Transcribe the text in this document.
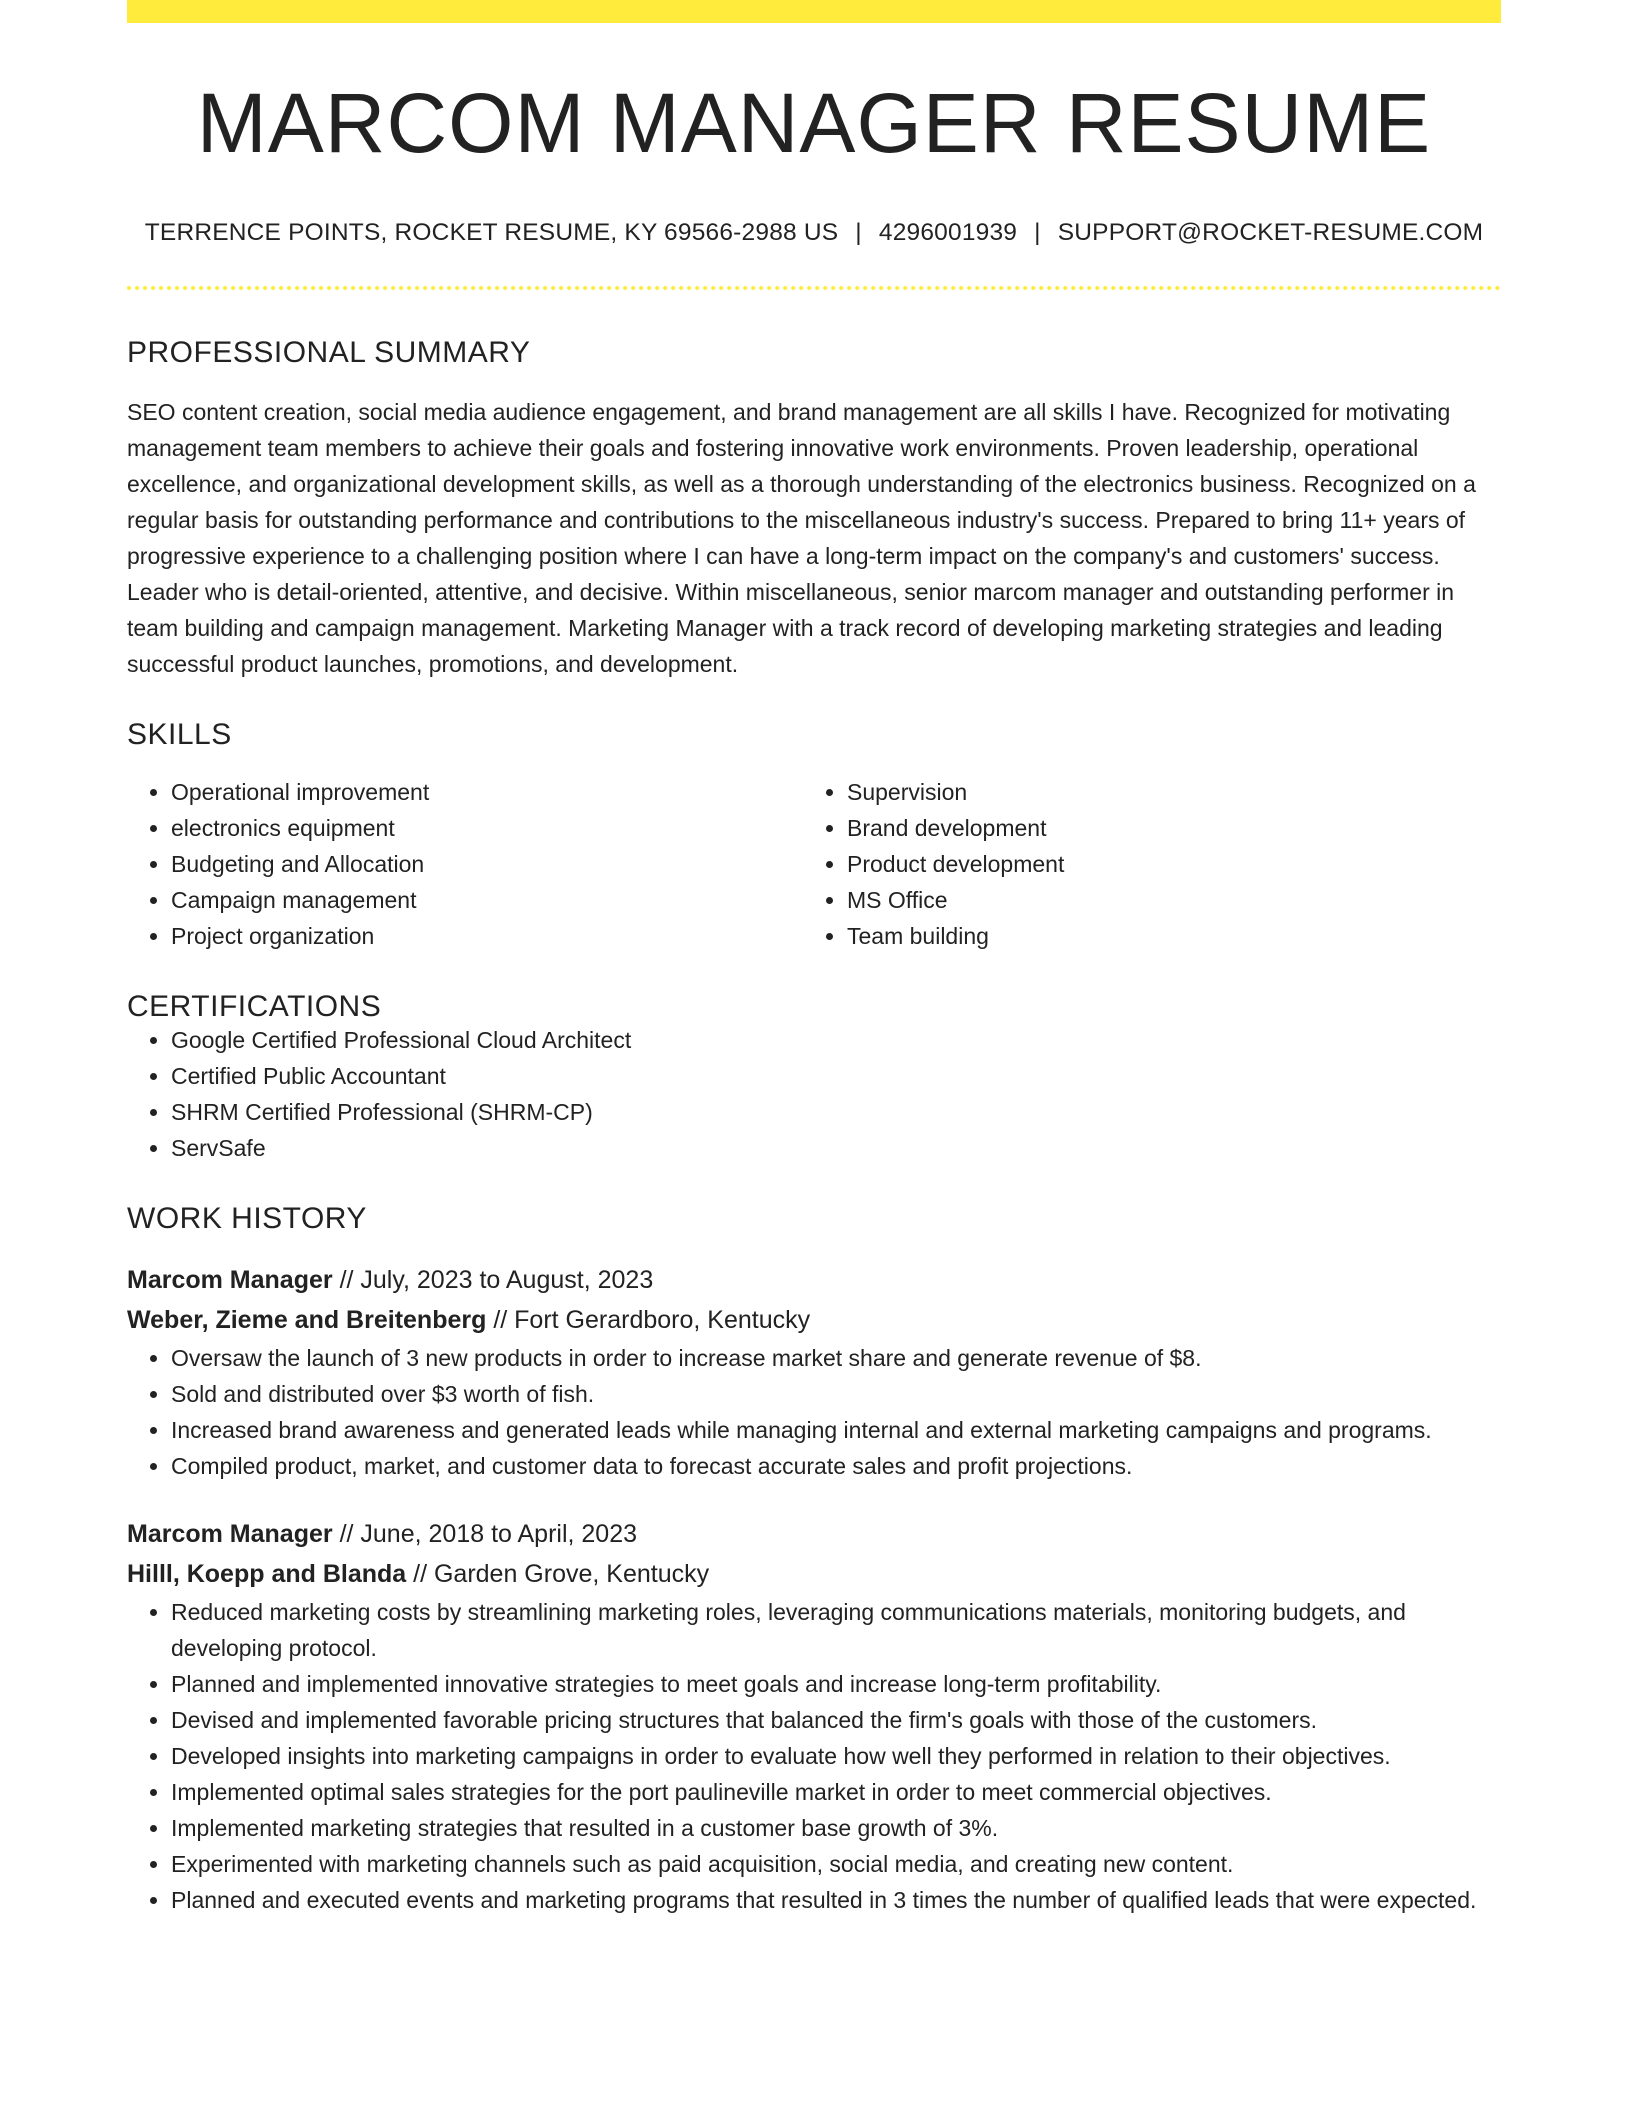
MARCOM MANAGER RESUME
TERRENCE POINTS, ROCKET RESUME, KY 69566-2988 US | 4296001939 | SUPPORT@ROCKET-RESUME.COM
PROFESSIONAL SUMMARY

SEO content creation, social media audience engagement, and brand management are all skills I have. Recognized for motivating management team members to achieve their goals and fostering innovative work environments. Proven leadership, operational excellence, and organizational development skills, as well as a thorough understanding of the electronics business. Recognized on a regular basis for outstanding performance and contributions to the miscellaneous industry's success. Prepared to bring 11+ years of progressive experience to a challenging position where I can have a long-term impact on the company's and customers' success. Leader who is detail-oriented, attentive, and decisive. Within miscellaneous, senior marcom manager and outstanding performer in team building and campaign management. Marketing Manager with a track record of developing marketing strategies and leading successful product launches, promotions, and development.

SKILLS
• Operational improvement
• electronics equipment
• Budgeting and Allocation
• Campaign management
• Project organization
• Supervision
• Brand development
• Product development
• MS Office
• Team building
CERTIFICATIONS
• Google Certified Professional Cloud Architect
• Certified Public Accountant
• SHRM Certified Professional (SHRM-CP)
• ServSafe
WORK HISTORY
Marcom Manager // July, 2023 to August, 2023
Weber, Zieme and Breitenberg // Fort Gerardboro, Kentucky
• Oversaw the launch of 3 new products in order to increase market share and generate revenue of $8.
• Sold and distributed over $3 worth of fish.
• Increased brand awareness and generated leads while managing internal and external marketing campaigns and programs.
• Compiled product, market, and customer data to forecast accurate sales and profit projections.
Marcom Manager // June, 2018 to April, 2023
Hilll, Koepp and Blanda // Garden Grove, Kentucky
• Reduced marketing costs by streamlining marketing roles, leveraging communications materials, monitoring budgets, and developing protocol.
• Planned and implemented innovative strategies to meet goals and increase long-term profitability.
• Devised and implemented favorable pricing structures that balanced the firm's goals with those of the customers.
• Developed insights into marketing campaigns in order to evaluate how well they performed in relation to their objectives.
• Implemented optimal sales strategies for the port paulineville market in order to meet commercial objectives.
• Implemented marketing strategies that resulted in a customer base growth of 3%.
• Experimented with marketing channels such as paid acquisition, social media, and creating new content.
• Planned and executed events and marketing programs that resulted in 3 times the number of qualified leads that were expected.
